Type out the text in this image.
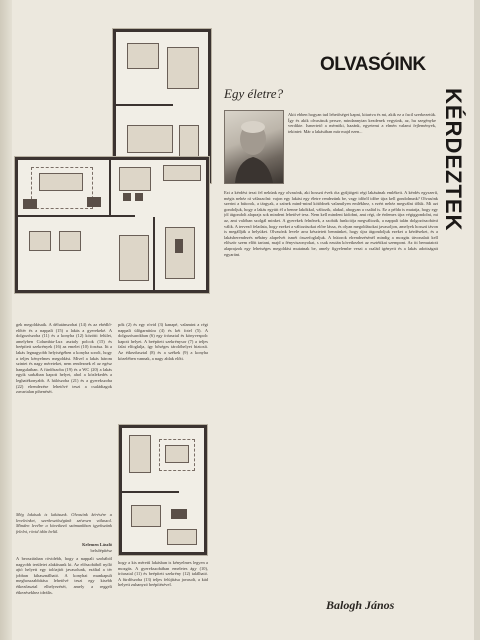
gek megoldásaik. A délutánszobai (14) és az ebédlő-előtér és a nappali (15) a lakás a gyerekeké. A dolgozószoba (11) és a konyha (12) közötti felület, amelyben Columbia-Lux asztaly polcok (15) és beépített szekrények (16) az emelet (10) forrása. Itt a lakás legnagyobb helyiségében a konyha sorolt, hogy a teljes kényelmes megoldást. Mivel a lakás három szintet és nagy méreteket, nem rendeznek el az egész hangulatban. A fürdőszoba (19) és a WC (20) a lakás egyik sarkában kapott helyet, ahol a közlekedés a leghatékonyabb. A hálószoba (21) és a gyerekszoba (22) elrendezése lehetővé teszi a családtagok zavartalan pihenését.
Még lakásuk is lakásunk. Olvasónk kérésére a leveleinket, szerkesztőségünk szívesen válaszol. Minden levélre a következő számunkban igyekszünk felelni, rövid időn belül.
Kelemen László
belsőépítész
A beosztásban rövidebb, hogy a nappali szobából nagyobb területet alakítsunk ki. Az előszobából nyíló ajtó helyett egy tolóajtót javasolunk, ezáltal a tér jobban kihasználható. A konyhai munkapult meghosszabbítása lehetővé teszi egy kisebb étkezőasztal elhelyezését, amely a reggeli étkezésekhez ideális.
pók (2) és egy rövid (3) kanapé, valamint a régi nappali ülőgarnitúra (4) és két fotel (5). A dolgozósarokban (6) egy íróasztal és könyvespolc kapott helyet. A beépített szekrénysor (7) a teljes falat elfoglalja, így bőséges tárolóhelyet biztosít. Az étkezőasztal (8) és a székek (9) a konyha közelében vannak, a nagy ablak előtt.
hogy a kis méretű lakásban is kényelmes legyen a mozgás. A gyerekszobában emeletes ágy (10), íróasztal (11) és beépített szekrény (12) található. A fürdőszoba (13) teljes felújítása javasolt, a kád helyett zuhanyzó beépítésével.
OLVASÓINK
KÉRDEZTEK
Egy életre?
Akit ebben hogyan tud lehetőséget kapni, kitartva és mi, akik ez a facil szerkezetük. Így és akik olvasásuk persze, mindannyian kezdenek vegyünk, az, hu szegényke verdikte. Ismertető a mérnöki, hazánk, egyetemi a elmén valami fejlemények, tekintet: Már a lakásában már majd ezen...
Ezt a kérdést teszi fel nekünk egy olvasónk, aki hosszú évek óta gyűjtögeti régi lakásának emlékeit. A kérdés egyszerű, mégis nehéz rá válaszolni: vajon egy lakást egy életre rendezünk be, vagy időről időre újra kell gondolnunk? Olvasónk szerint a bútorok, a tárgyak, a színek mind-mind kötődnek valamilyen emlékhez, s ezért nehéz megválni tőlük. Mi azt gondoljuk, hogy a lakás együtt él a benne lakókkal, változik, alakul, ahogyan a család is. Ez a példa is mutatja, hogy egy jól átgondolt alaprajz sok mindent lehetővé tesz. Nem kell mindent kidobni, ami régi, de érdemes újra végiggondolni, mi az, ami valóban szolgál minket. A gyerekek felnőnek, a szobák funkciója megváltozik, a nappali talán dolgozószobává válik. A tervező feladata, hogy ezeket a változásokat előre lássa, és olyan megoldásokat javasoljon, amelyek hosszú távon is megállják a helyüket. Olvasónk levele arra késztetett bennünket, hogy újra átgondoljuk ezeket a kérdéseket, és a lakásberendezés néhány alapelvét ismét összefoglaljuk. A bútorok elrendezésénél mindig a mozgás útvonalait kell először szem előtt tartani, majd a fényviszonyokat, s csak ezután következhet az esztétikai szempont. Az itt bemutatott alaprajzok egy lehetséges megoldást mutatnak be, amely figyelembe veszi a család igényeit és a lakás adottságait egyaránt.
Balogh János
